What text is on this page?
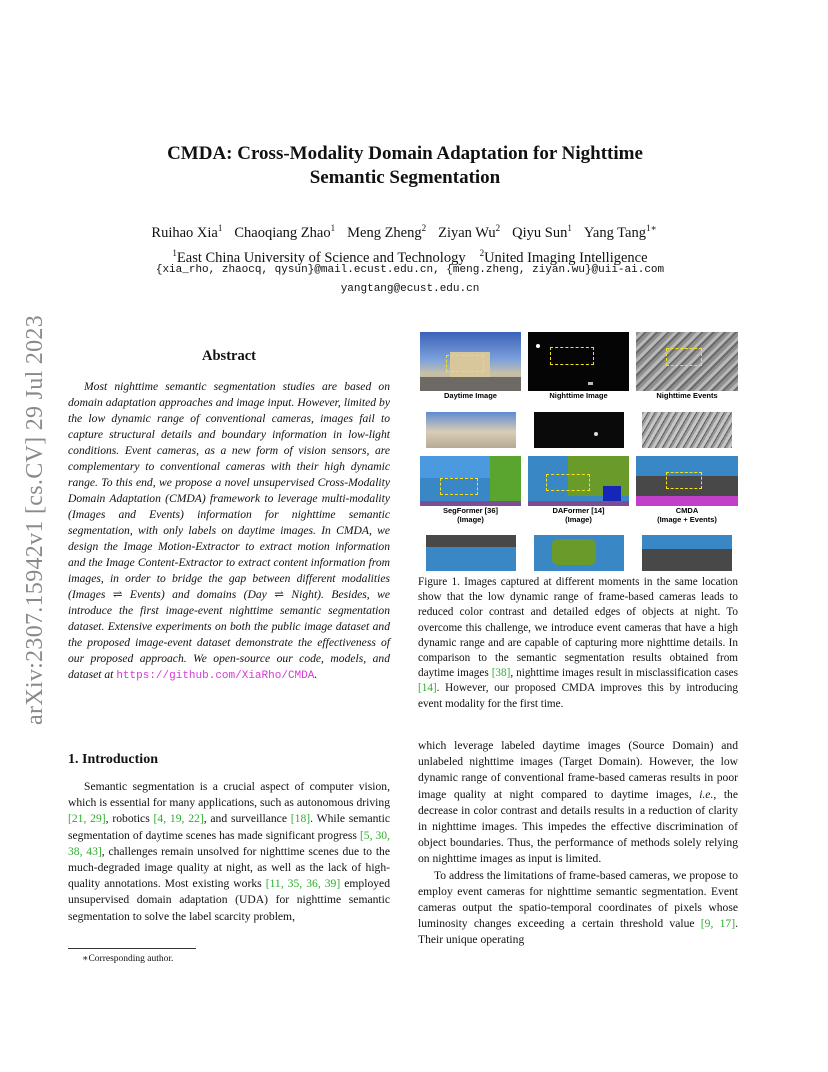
arXiv:2307.15942v1 [cs.CV] 29 Jul 2023
CMDA: Cross-Modality Domain Adaptation for Nighttime
Semantic Segmentation
Ruihao Xia$^1$ Chaoqiang Zhao$^1$ Meng Zheng$^2$ Ziyan Wu$^2$ Qiyu Sun$^1$ Yang Tang$^{1∗}$
$^1$East China University of Science and Technology $^2$United Imaging Intelligence
{xia_rho, zhaocq, qysun}@mail.ecust.edu.cn, {meng.zheng, ziyan.wu}@uii-ai.com
yangtang@ecust.edu.cn
Abstract
Most nighttime semantic segmentation studies are based on domain adaptation approaches and image input. However, limited by the low dynamic range of conventional cameras, images fail to capture structural details and boundary information in low-light conditions. Event cameras, as a new form of vision sensors, are complementary to conventional cameras with their high dynamic range. To this end, we propose a novel unsupervised Cross-Modality Domain Adaptation (CMDA) framework to leverage multi-modality (Images and Events) information for nighttime semantic segmentation, with only labels on daytime images. In CMDA, we design the Image Motion-Extractor to extract motion information and the Image Content-Extractor to extract content information from images, in order to bridge the gap between different modalities (Images ⇌ Events) and domains (Day ⇌ Night). Besides, we introduce the first image-event nighttime semantic segmentation dataset. Extensive experiments on both the public image dataset and the proposed image-event dataset demonstrate the effectiveness of our proposed approach. We open-source our code, models, and dataset at https://github.com/XiaRho/CMDA.
1. Introduction

Semantic segmentation is a crucial aspect of computer vision, which is essential for many applications, such as autonomous driving [21, 29], robotics [4, 19, 22], and surveillance [18]. While semantic segmentation of daytime scenes has made significant progress [5, 30, 38, 43], challenges remain unsolved for nighttime scenes due to the much-degraded image quality at night, as well as the lack of high-quality annotations. Most existing works [11, 35, 36, 39] employed unsupervised domain adaptation (UDA) for nighttime semantic segmentation to solve the label scarcity problem,

∗Corresponding author.
Daytime Image	Nighttime Image	Nighttime Events
SegFormer [36]
(Image)
DAFormer [14]
(Image)
CMDA
(Image + Events)
Figure 1. Images captured at different moments in the same location show that the low dynamic range of frame-based cameras leads to reduced color contrast and detailed edges of objects at night. To overcome this challenge, we introduce event cameras that have a high dynamic range and are capable of capturing more nighttime details. In comparison to the semantic segmentation results obtained from daytime images [38], nighttime images result in misclassification cases [14]. However, our proposed CMDA improves this by introducing event modality for the first time.

which leverage labeled daytime images (Source Domain) and unlabeled nighttime images (Target Domain). However, the low dynamic range of conventional frame-based cameras results in poor image quality at night compared to daytime images, i.e., the decrease in color contrast and details results in a reduction of clarity in nighttime images. This impedes the effective discrimination of object boundaries. Thus, the performance of methods solely relying on nighttime images as input is limited.

To address the limitations of frame-based cameras, we propose to employ event cameras for nighttime semantic segmentation. Event cameras output the spatio-temporal coordinates of pixels whose luminosity changes exceeding a certain threshold value [9, 17]. Their unique operating
